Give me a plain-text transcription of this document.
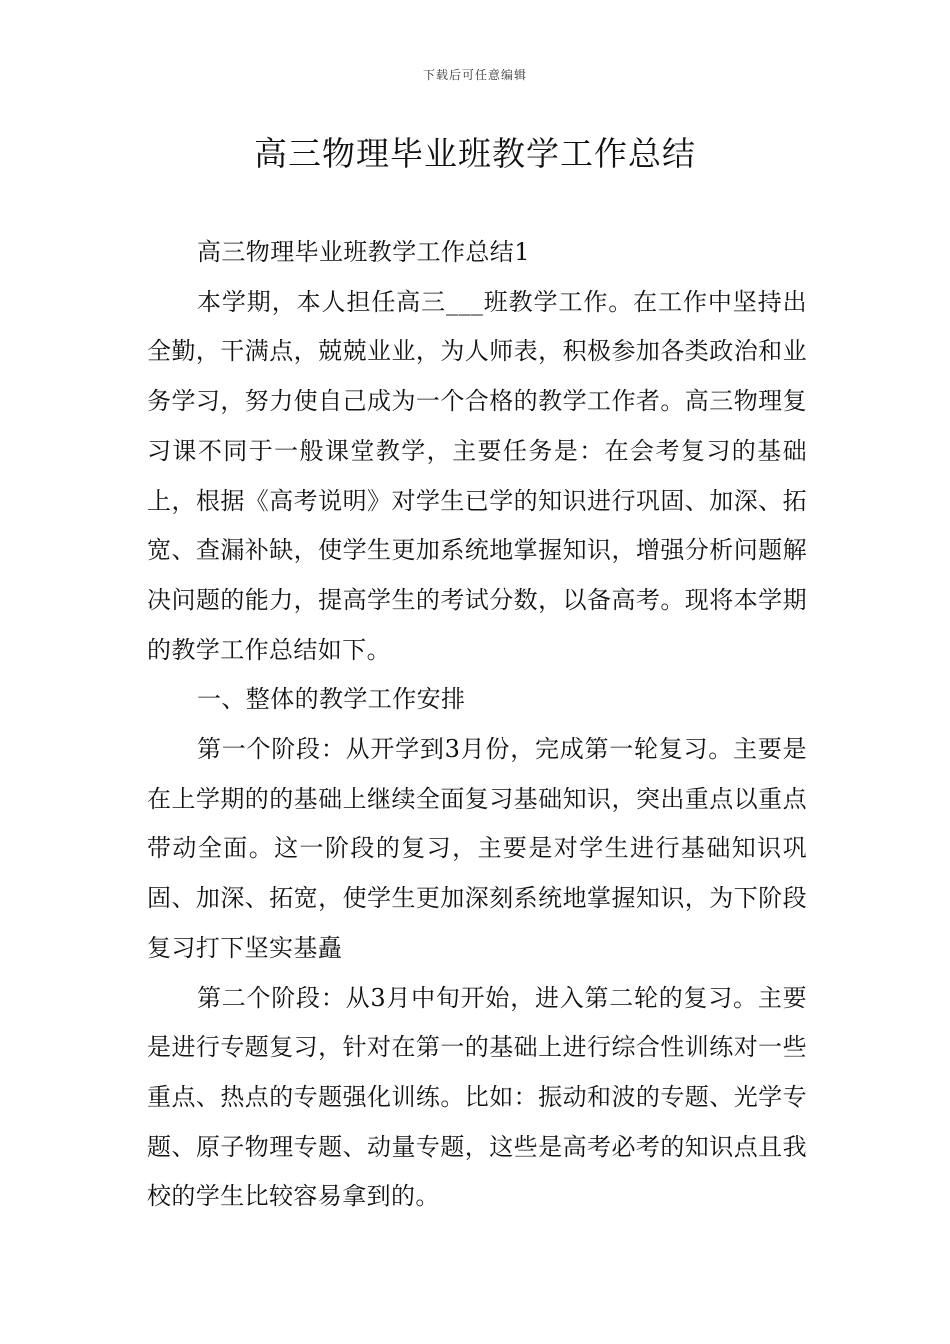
下载后可任意编辑
高三物理毕业班教学工作总结

高三物理毕业班教学工作总结1

本学期，本人担任高三___班教学工作。在工作中坚持出全勤，干满点，兢兢业业，为人师表，积极参加各类政治和业务学习，努力使自己成为一个合格的教学工作者。高三物理复习课不同于一般课堂教学，主要任务是：在会考复习的基础上，根据《高考说明》对学生已学的知识进行巩固、加深、拓宽、查漏补缺，使学生更加系统地掌握知识，增强分析问题解决问题的能力，提高学生的考试分数，以备高考。现将本学期的教学工作总结如下。

一、整体的教学工作安排

第一个阶段：从开学到3月份，完成第一轮复习。主要是在上学期的的基础上继续全面复习基础知识，突出重点以重点带动全面。这一阶段的复习，主要是对学生进行基础知识巩固、加深、拓宽，使学生更加深刻系统地掌握知识，为下阶段复习打下坚实基矗

第二个阶段：从3月中旬开始，进入第二轮的复习。主要是进行专题复习，针对在第一的基础上进行综合性训练对一些重点、热点的专题强化训练。比如：振动和波的专题、光学专题、原子物理专题、动量专题，这些是高考必考的知识点且我校的学生比较容易拿到的。
